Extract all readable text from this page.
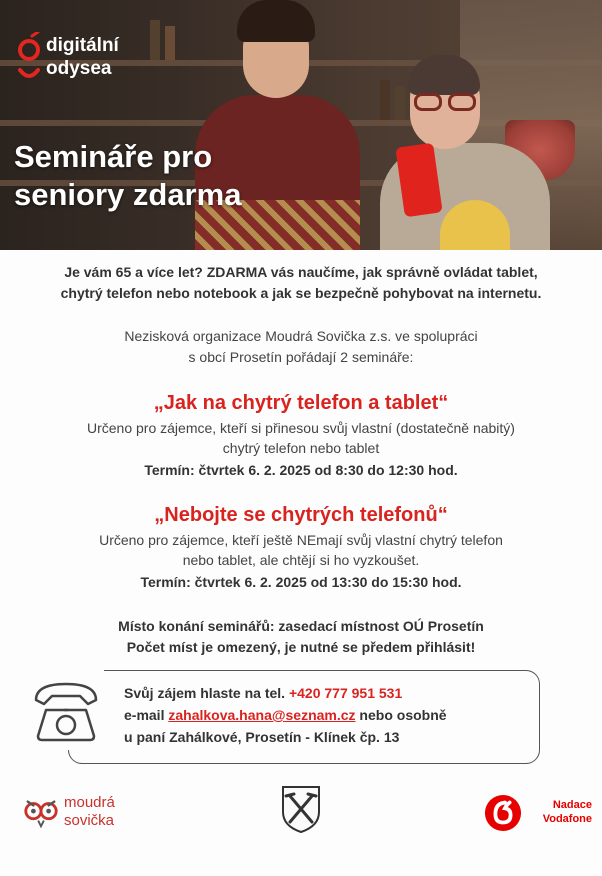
digitální
odysea
Semináře pro
seniory zdarma
Je vám 65 a více let? ZDARMA vás naučíme, jak správně ovládat tablet,
chytrý telefon nebo notebook a jak se bezpečně pohybovat na internetu.
Nezisková organizace Moudrá Sovička z.s. ve spolupráci
s obcí Prosetín pořádají 2 semináře:
„Jak na chytrý telefon a tablet“
Určeno pro zájemce, kteří si přinesou svůj vlastní (dostatečně nabitý)
chytrý telefon nebo tablet
Termín: čtvrtek 6. 2. 2025 od 8:30 do 12:30 hod.
„Nebojte se chytrých telefonů“
Určeno pro zájemce, kteří ještě NEmají svůj vlastní chytrý telefon
nebo tablet, ale chtějí si ho vyzkoušet.
Termín: čtvrtek 6. 2. 2025 od 13:30 do 15:30 hod.
Místo konání seminářů: zasedací místnost OÚ Prosetín
Počet míst je omezený, je nutné se předem přihlásit!
Svůj zájem hlaste na tel. +420 777 951 531
e-mail zahalkova.hana@seznam.cz nebo osobně
u paní Zahálkové, Prosetín - Klínek čp. 13
moudrá
sovička
Nadace
Vodafone
